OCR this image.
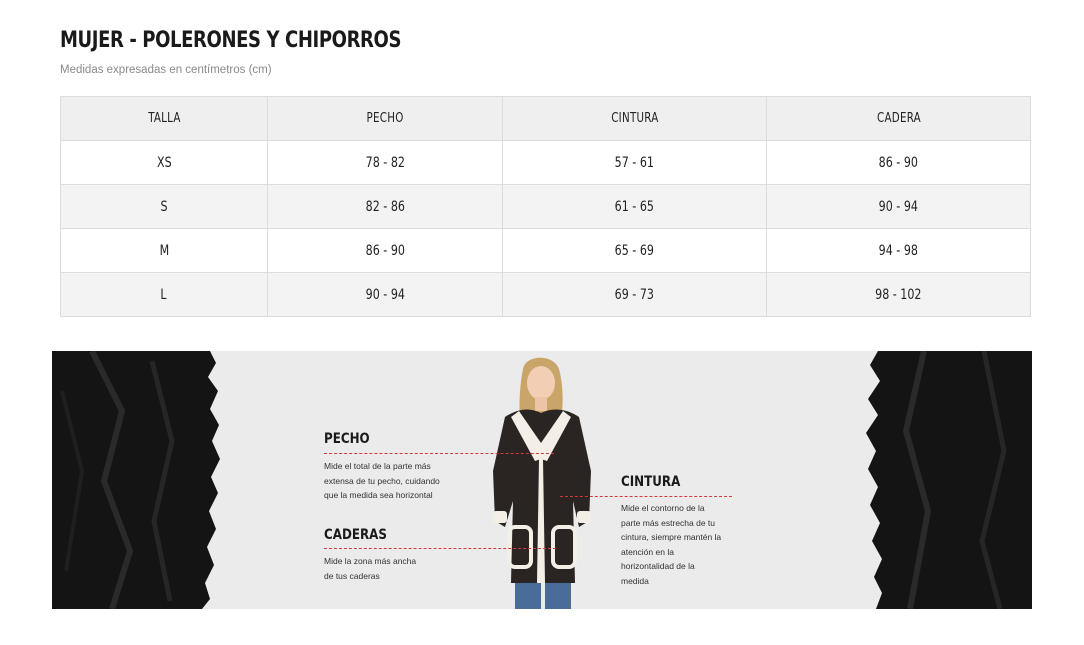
MUJER - POLERONES Y CHIPORROS
Medidas expresadas en centímetros (cm)
TALLA	PECHO	CINTURA	CADERA
XS	78 - 82	57 - 61	86 - 90
S	82 - 86	61 - 65	90 - 94
M	86 - 90	65 - 69	94 - 98
L	90 - 94	69 - 73	98 - 102
PECHO
Mide el total de la parte más
extensa de tu pecho, cuidando
que la medida sea horizontal
CADERAS
Mide la zona más ancha
de tus caderas
CINTURA
Mide el contorno de la
parte más estrecha de tu
cintura, siempre mantén la
atención en la
horizontalidad de la
medida
